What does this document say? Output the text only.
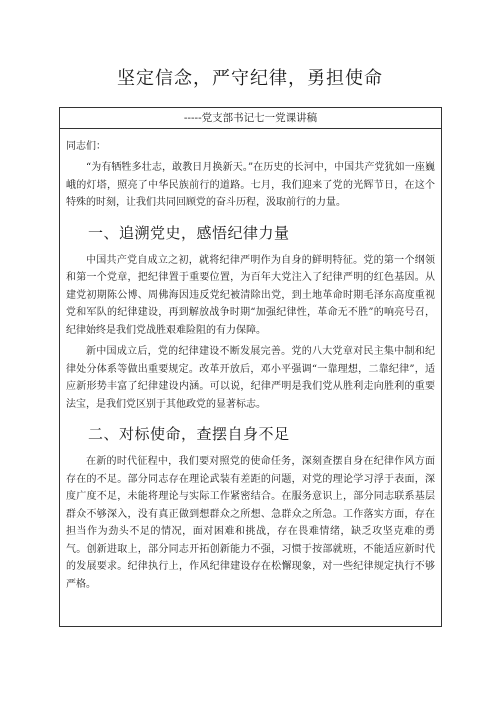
坚定信念，严守纪律，勇担使命
-----党支部书记七一党课讲稿

同志们：

“为有牺牲多壮志，敢教日月换新天。”在历史的长河中，中国共产党犹如一座巍峨的灯塔，照亮了中华民族前行的道路。七月，我们迎来了党的光辉节日，在这个特殊的时刻，让我们共同回顾党的奋斗历程，汲取前行的力量。

一、追溯党史，感悟纪律力量

中国共产党自成立之初，就将纪律严明作为自身的鲜明特征。党的第一个纲领和第一个党章，把纪律置于重要位置，为百年大党注入了纪律严明的红色基因。从建党初期陈公博、周佛海因违反党纪被清除出党，到土地革命时期毛泽东高度重视党和军队的纪律建设，再到解放战争时期“加强纪律性，革命无不胜”的响亮号召，纪律始终是我们党战胜艰难险阻的有力保障。

新中国成立后，党的纪律建设不断发展完善。党的八大党章对民主集中制和纪律处分体系等做出重要规定。改革开放后，邓小平强调“一靠理想，二靠纪律”，适应新形势丰富了纪律建设内涵。可以说，纪律严明是我们党从胜利走向胜利的重要法宝，是我们党区别于其他政党的显著标志。

二、对标使命，查摆自身不足

在新的时代征程中，我们要对照党的使命任务，深刻查摆自身在纪律作风方面存在的不足。部分同志存在理论武装有差距的问题，对党的理论学习浮于表面，深度广度不足，未能将理论与实际工作紧密结合。在服务意识上，部分同志联系基层群众不够深入，没有真正做到想群众之所想、急群众之所急。工作落实方面，存在担当作为劲头不足的情况，面对困难和挑战，存在畏难情绪，缺乏攻坚克难的勇气。创新进取上，部分同志开拓创新能力不强，习惯于按部就班，不能适应新时代的发展要求。纪律执行上，作风纪律建设存在松懈现象，对一些纪律规定执行不够严格。
